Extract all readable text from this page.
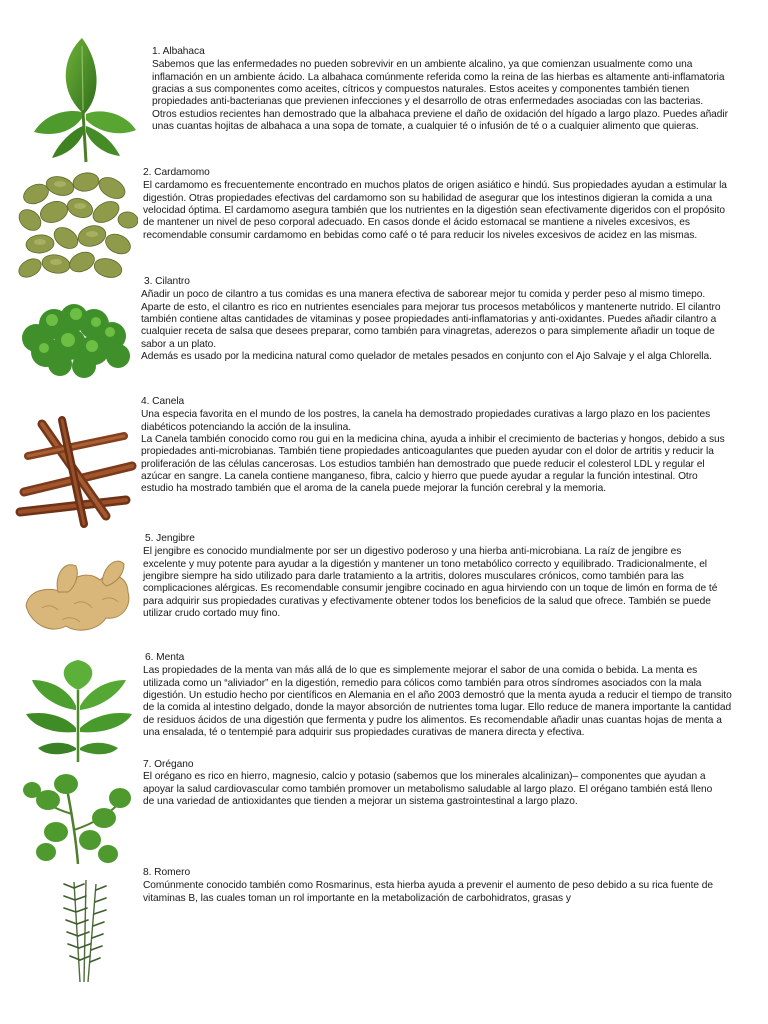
1. Albahaca

Sabemos que las enfermedades no pueden sobrevivir en un ambiente alcalino, ya que comienzan usualmente como una inflamación en un ambiente ácido. La albahaca comúnmente referida como la reina de las hierbas es altamente anti-inflamatoria gracias a sus componentes como aceites, cítricos y compuestos naturales. Estos aceites y componentes también tienen propiedades anti-bacterianas que previenen infecciones y el desarrollo de otras enfermedades asociadas con las bacterias. Otros estudios recientes han demostrado que la albahaca previene el daño de oxidación del hígado a largo plazo. Puedes añadir unas cuantas hojitas de albahaca a una sopa de tomate, a cualquier té o infusión de té o a cualquier alimento que quieras.

2. Cardamomo

El cardamomo es frecuentemente encontrado en muchos platos de origen asiático e hindú. Sus propiedades ayudan a estimular la digestión. Otras propiedades efectivas del cardamomo son su habilidad de asegurar que los intestinos digieran la comida a una velocidad óptima. El cardamomo asegura también que los nutrientes en la digestión sean efectivamente digeridos con el propósito de mantener un nivel de peso corporal adecuado. En casos donde el ácido estomacal se mantiene a niveles excesivos, es recomendable consumir cardamomo en bebidas como café o té para reducir los niveles excesivos de acidez en las mismas.

3. Cilantro

Añadir un poco de cilantro a tus comidas es una manera efectiva de saborear mejor tu comida y perder peso al mismo timepo. Aparte de esto, el cilantro es rico en nutrientes esenciales para mejorar tus procesos metabólicos y mantenerte nutrido. El cilantro también contiene altas cantidades de vitaminas y posee propiedades anti-inflamatorias y anti-oxidantes. Puedes añadir cilantro a cualquier receta de salsa que desees preparar, como también para vinagretas, aderezos o para simplemente añadir un toque de sabor a un plato.

Además es usado por la medicina natural como quelador de metales pesados en conjunto con el Ajo Salvaje y el alga Chlorella.

4. Canela

Una especia favorita en el mundo de los postres, la canela ha demostrado propiedades curativas a largo plazo en los pacientes diabéticos potenciando la acción de la insulina.

La Canela también conocido como rou gui en la medicina china, ayuda a inhibir el crecimiento de bacterias y hongos, debido a sus propiedades anti-microbianas. También tiene propiedades anticoagulantes que pueden ayudar con el dolor de artritis y reducir la proliferación de las células cancerosas. Los estudios también han demostrado que puede reducir el colesterol LDL y regular el azúcar en sangre. La canela contiene manganeso, fibra, calcio y hierro que puede ayudar a regular la función intestinal. Otro estudio ha mostrado también que el aroma de la canela puede mejorar la función cerebral y la memoria.

5. Jengibre

El jengibre es conocido mundialmente por ser un digestivo poderoso y una hierba anti-microbiana. La raíz de jengibre es excelente y muy potente para ayudar a la digestión y mantener un tono metabólico correcto y equilibrado. Tradicionalmente, el jengibre siempre ha sido utilizado para darle tratamiento a la artritis, dolores musculares crónicos, como también para las complicaciones alérgicas. Es recomendable consumir jengibre cocinado en agua hirviendo con un toque de limón en forma de té para adquirir sus propiedades curativas y efectivamente obtener todos los beneficios de la salud que ofrece. También se puede utilizar crudo cortado muy fino.

6. Menta

Las propiedades de la menta van más allá de lo que es simplemente mejorar el sabor de una comida o bebida. La menta es utilizada como un “aliviador” en la digestión, remedio para cólicos como también para otros síndromes asociados con la mala digestión. Un estudio hecho por científicos en Alemania en el año 2003 demostró que la menta ayuda a reducir el tiempo de transito de la comida al intestino delgado, donde la mayor absorción de nutrientes toma lugar. Ello reduce de manera importante la cantidad de residuos ácidos de una digestión que fermenta y pudre los alimentos. Es recomendable añadir unas cuantas hojas de menta a una ensalada, té o tentempié para adquirir sus propiedades curativas de manera directa y efectiva.

7. Orégano

El orégano es rico en hierro, magnesio, calcio y potasio (sabemos que los minerales alcalinizan)– componentes que ayudan a apoyar la salud cardiovascular como también promover un metabolismo saludable al largo plazo. El orégano también está lleno de una variedad de antioxidantes que tienden a mejorar un sistema gastrointestinal a largo plazo.

8. Romero

Comúnmente conocido también como Rosmarinus, esta hierba ayuda a prevenir el aumento de peso debido a su rica fuente de vitaminas B, las cuales toman un rol importante en la metabolización de carbohidratos, grasas y
